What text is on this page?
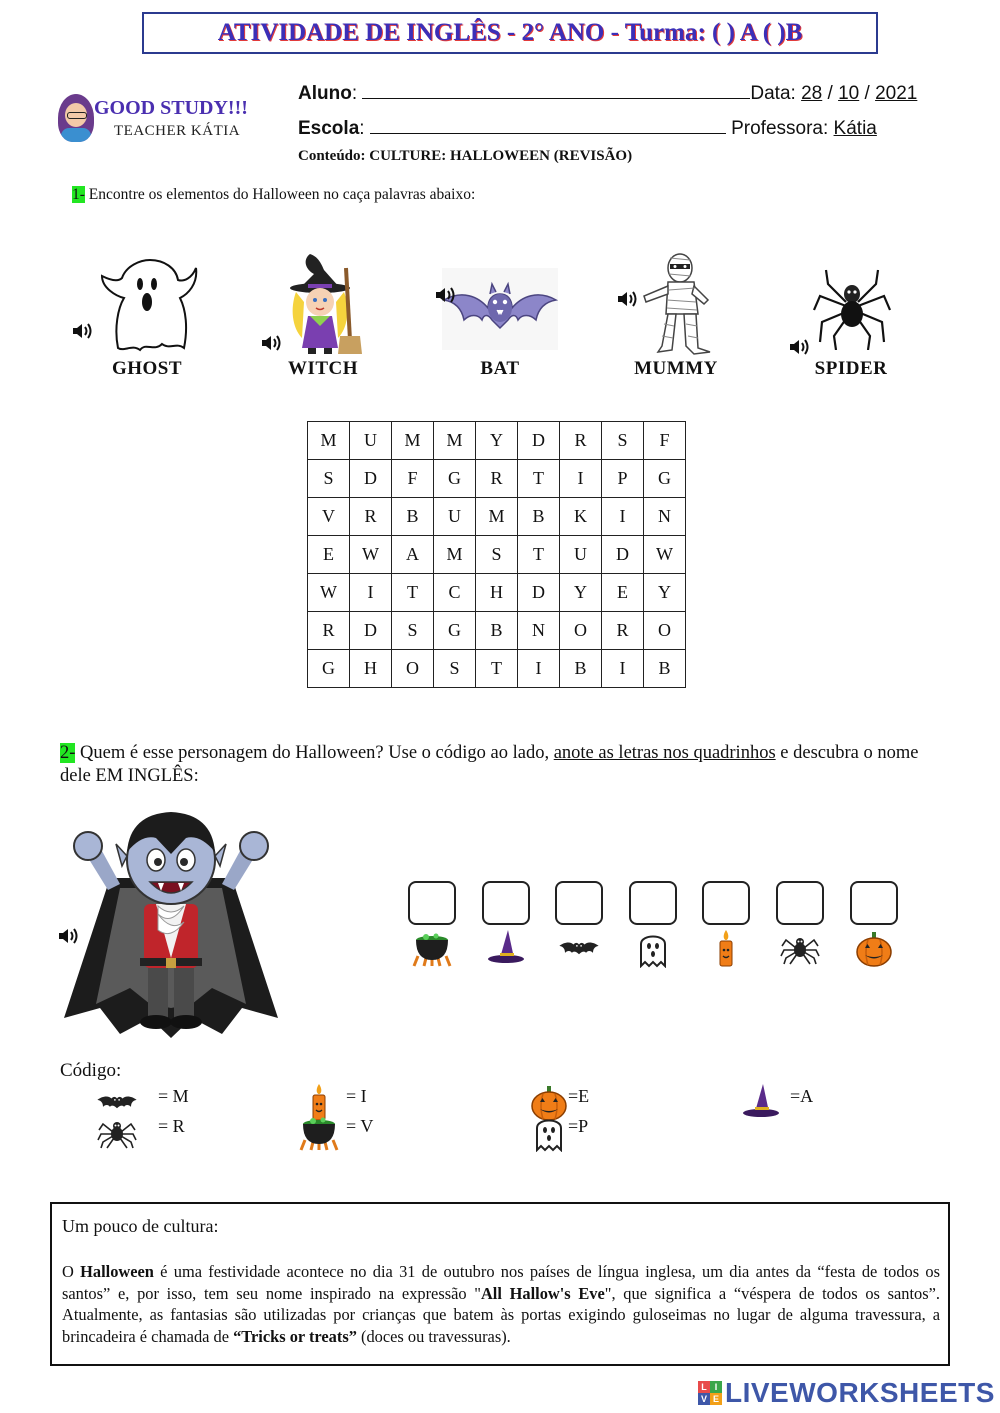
ATIVIDADE DE INGLÊS - 2° ANO - Turma: ( ) A ( )B
GOOD STUDY!!!
TEACHER KÁTIA
Aluno:	Data: 28 / 10 / 2021
Escola:	Professora: Kátia
Conteúdo: CULTURE: HALLOWEEN (REVISÃO)
1- Encontre os elementos do Halloween no caça palavras abaixo:
GHOST	WITCH	BAT	MUMMY	SPIDER
M	U	M	M	Y	D	R	S	F
S	D	F	G	R	T	I	P	G
V	R	B	U	M	B	K	I	N
E	W	A	M	S	T	U	D	W
W	I	T	C	H	D	Y	E	Y
R	D	S	G	B	N	O	R	O
G	H	O	S	T	I	B	I	B
2- Quem é esse personagem do Halloween? Use o código ao lado, anote as letras nos quadrinhos e descubra o nome dele EM INGLÊS:
Código:
= M	= I	=E	=A
= R	= V	=P
Um pouco de cultura:
O Halloween é uma festividade acontece no dia 31 de outubro nos países de língua inglesa, um dia antes da “festa de todos os santos” e, por isso, tem seu nome inspirado na expressão "All Hallow's Eve", que significa a “véspera de todos os santos”. Atualmente, as fantasias são utilizadas por crianças que batem às portas exigindo guloseimas no lugar de alguma travessura, a brincadeira é chamada de “Tricks or treats” (doces ou travessuras).
L I
V E LIVEWORKSHEETS
